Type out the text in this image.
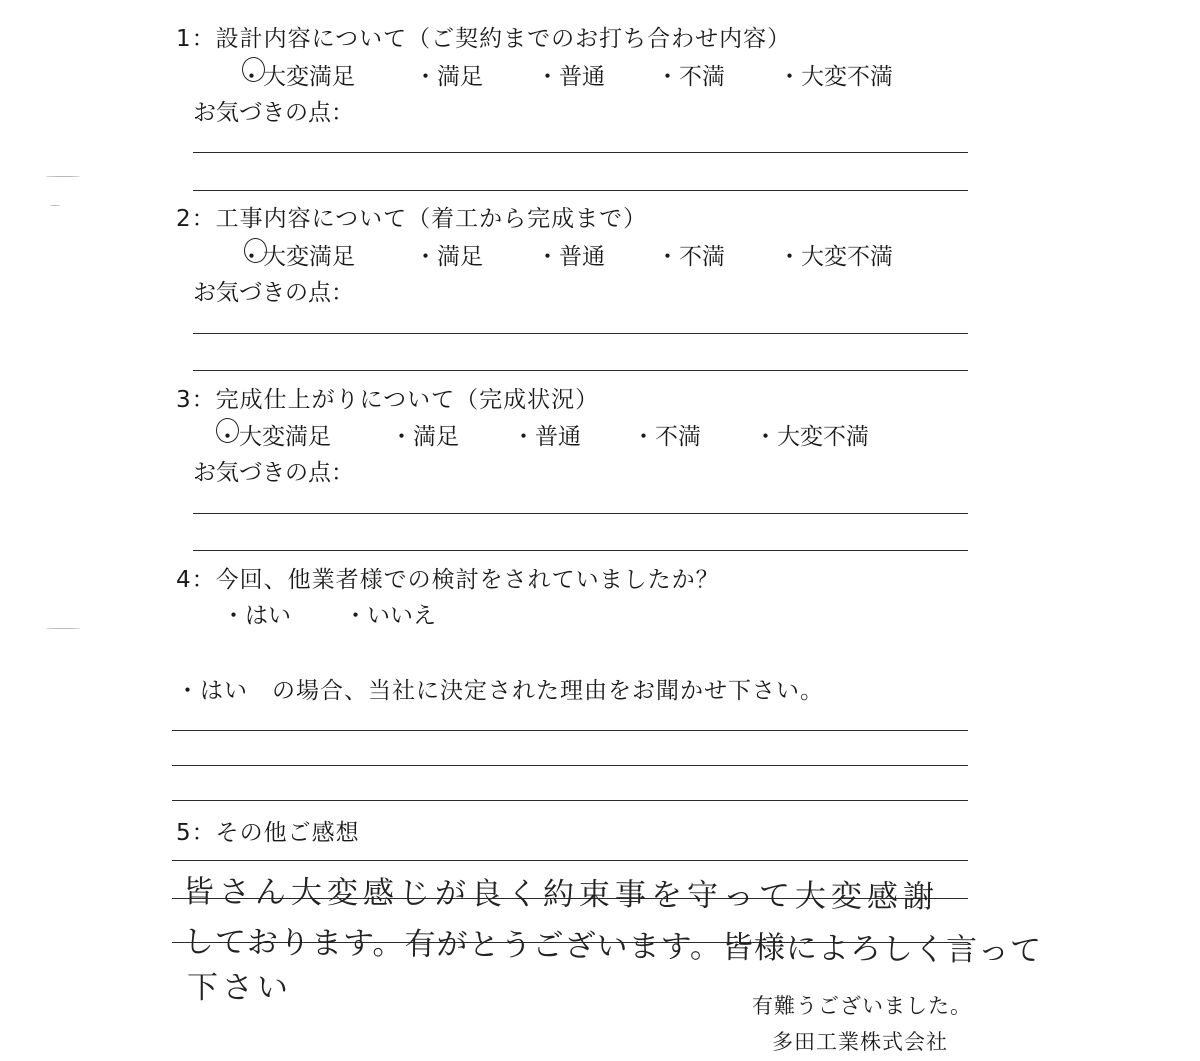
1：設計内容について（ご契約までのお打ち合わせ内容）
・大変満足	・満足 ・普通 ・不満 ・大変不満
お気づきの点：
2：工事内容について（着工から完成まで）
・大変満足	・満足 ・普通 ・不満 ・大変不満
お気づきの点：
3：完成仕上がりについて（完成状況）
・大変満足	・満足 ・普通 ・不満 ・大変不満
お気づきの点：
4：今回、他業者様での検討をされていましたか？
・はい ・いいえ
・はい　の場合、当社に決定された理由をお聞かせ下さい。
5：その他ご感想
皆さん大変感じが良く約束事を守って大変感謝
しております。有がとうございます。皆様によろしく言って
下さい	有難うございました。
多田工業株式会社
